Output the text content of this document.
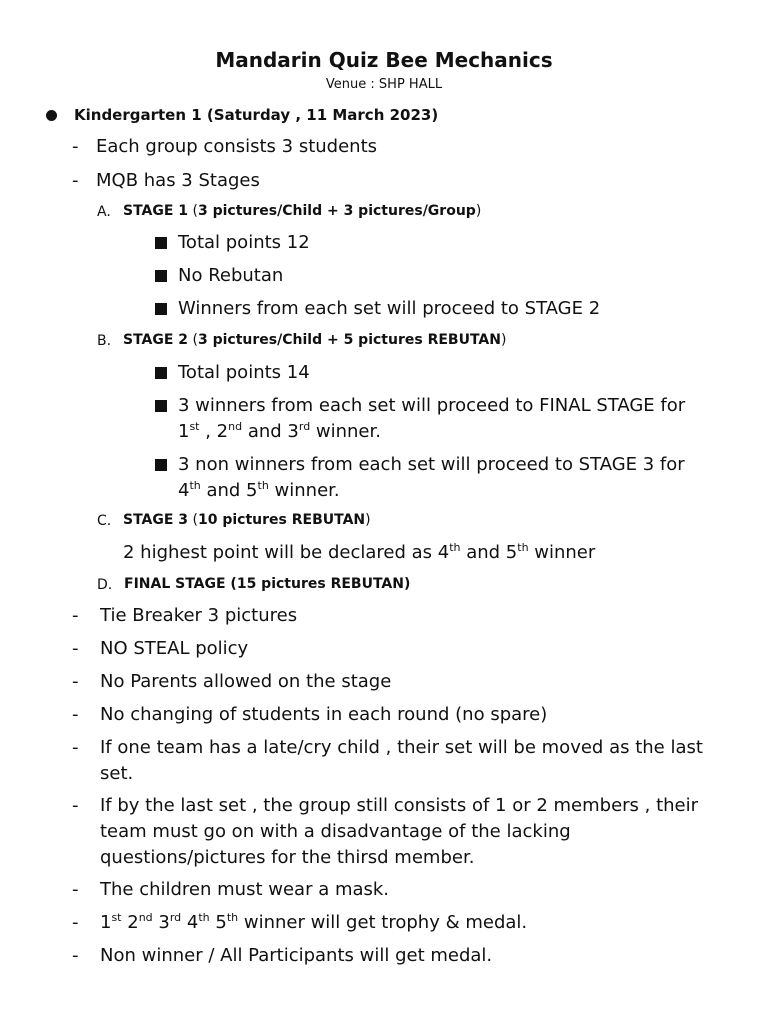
Mandarin Quiz Bee Mechanics
Venue : SHP HALL
Kindergarten 1 (Saturday , 11 March 2023)
- Each group consists 3 students
- MQB has 3 Stages
A. STAGE 1 (3 pictures/Child + 3 pictures/Group)
Total points 12
No Rebutan
Winners from each set will proceed to STAGE 2
B. STAGE 2 (3 pictures/Child + 5 pictures REBUTAN)
Total points 14
3 winners from each set will proceed to FINAL STAGE for
1st , 2nd and 3rd winner.
3 non winners from each set will proceed to STAGE 3 for
4th and 5th winner.
C. STAGE 3 (10 pictures REBUTAN)
2 highest point will be declared as 4th and 5th winner
D. FINAL STAGE (15 pictures REBUTAN)
- Tie Breaker 3 pictures
- NO STEAL policy
- No Parents allowed on the stage
- No changing of students in each round (no spare)
- If one team has a late/cry child , their set will be moved as the last set.
- If by the last set , the group still consists of 1 or 2 members , their team must go on with a disadvantage of the lacking questions/pictures for the thirsd member.
- The children must wear a mask.
- 1st 2nd 3rd 4th 5th winner will get trophy & medal.
- Non winner / All Participants will get medal.
